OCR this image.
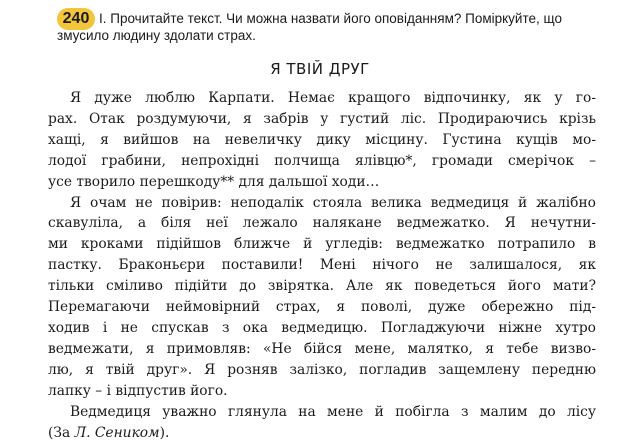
240 I. Прочитайте текст. Чи можна назвати його оповіданням? Поміркуйте, що
змусило людину здолати страх.
Я ТВІЙ ДРУГ
Я дуже люблю Карпати. Немає кращого відпочинку, як у го-
рах. Отак роздумуючи, я забрів у густий ліс. Продираючись крізь
хащі, я вийшов на невеличку дику місцину. Густина кущів мо-
лодої грабини, непрохідні полчища ялівцю*, громади смерічок –
усе творило перешкоду** для дальшої ходи…
Я очам не повірив: неподалік стояла велика ведмедиця й жалібно
скавуліла, а біля неї лежало налякане ведмежатко. Я нечутни-
ми кроками підійшов ближче й угледів: ведмежатко потрапило в
пастку. Браконьєри поставили! Мені нічого не залишалося, як
тільки сміливо підійти до звірятка. Але як поведеться його мати?
Перемагаючи неймовірний страх, я поволі, дуже обережно під-
ходив і не спускав з ока ведмедицю. Погладжуючи ніжне хутро
ведмежати, я примовляв: «Не бійся мене, малятко, я тебе визво-
лю, я твій друг». Я розняв залізко, погладив защемлену передню
лапку – і відпустив його.
Ведмедиця уважно глянула на мене й побігла з малим до лісу
(За Л. Сеником).
